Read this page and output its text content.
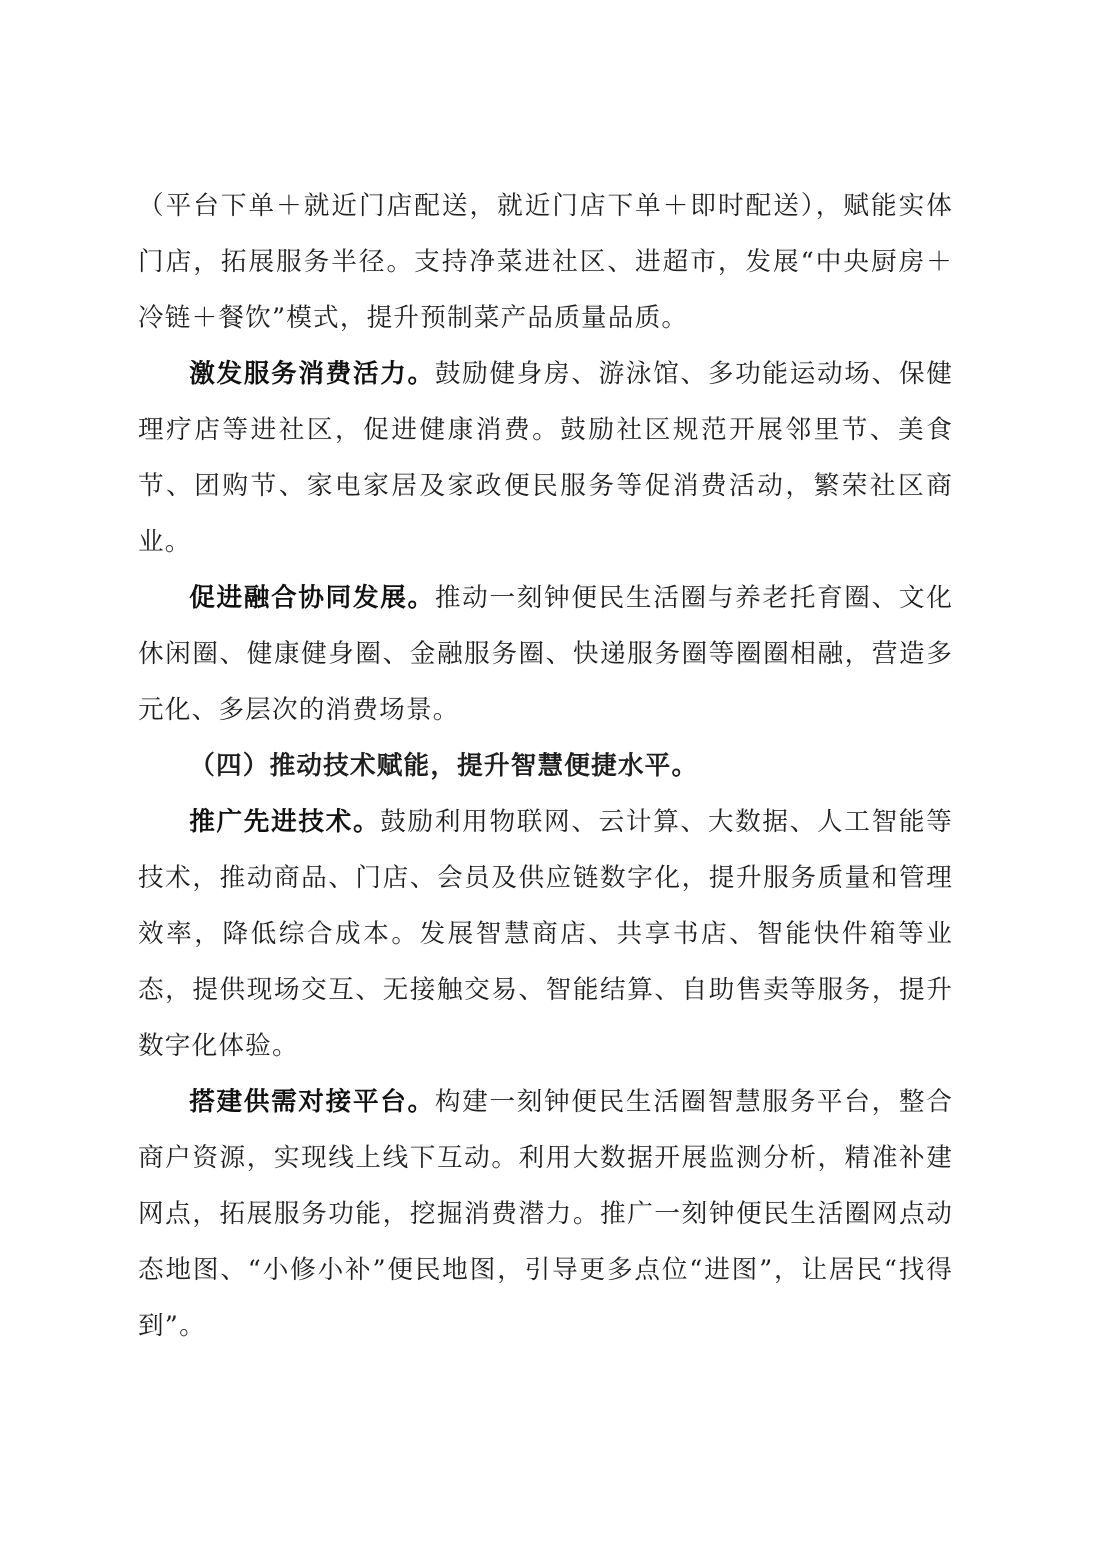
（平台下单＋就近门店配送，就近门店下单＋即时配送），赋能实体门店，拓展服务半径。支持净菜进社区、进超市，发展“中央厨房＋冷链＋餐饮”模式，提升预制菜产品质量品质。

激发服务消费活力。鼓励健身房、游泳馆、多功能运动场、保健理疗店等进社区，促进健康消费。鼓励社区规范开展邻里节、美食节、团购节、家电家居及家政便民服务等促消费活动，繁荣社区商业。

促进融合协同发展。推动一刻钟便民生活圈与养老托育圈、文化休闲圈、健康健身圈、金融服务圈、快递服务圈等圈圈相融，营造多元化、多层次的消费场景。

（四）推动技术赋能，提升智慧便捷水平。

推广先进技术。鼓励利用物联网、云计算、大数据、人工智能等技术，推动商品、门店、会员及供应链数字化，提升服务质量和管理效率，降低综合成本。发展智慧商店、共享书店、智能快件箱等业态，提供现场交互、无接触交易、智能结算、自助售卖等服务，提升数字化体验。

搭建供需对接平台。构建一刻钟便民生活圈智慧服务平台，整合商户资源，实现线上线下互动。利用大数据开展监测分析，精准补建网点，拓展服务功能，挖掘消费潜力。推广一刻钟便民生活圈网点动态地图、“小修小补”便民地图，引导更多点位“进图”，让居民“找得到”。
